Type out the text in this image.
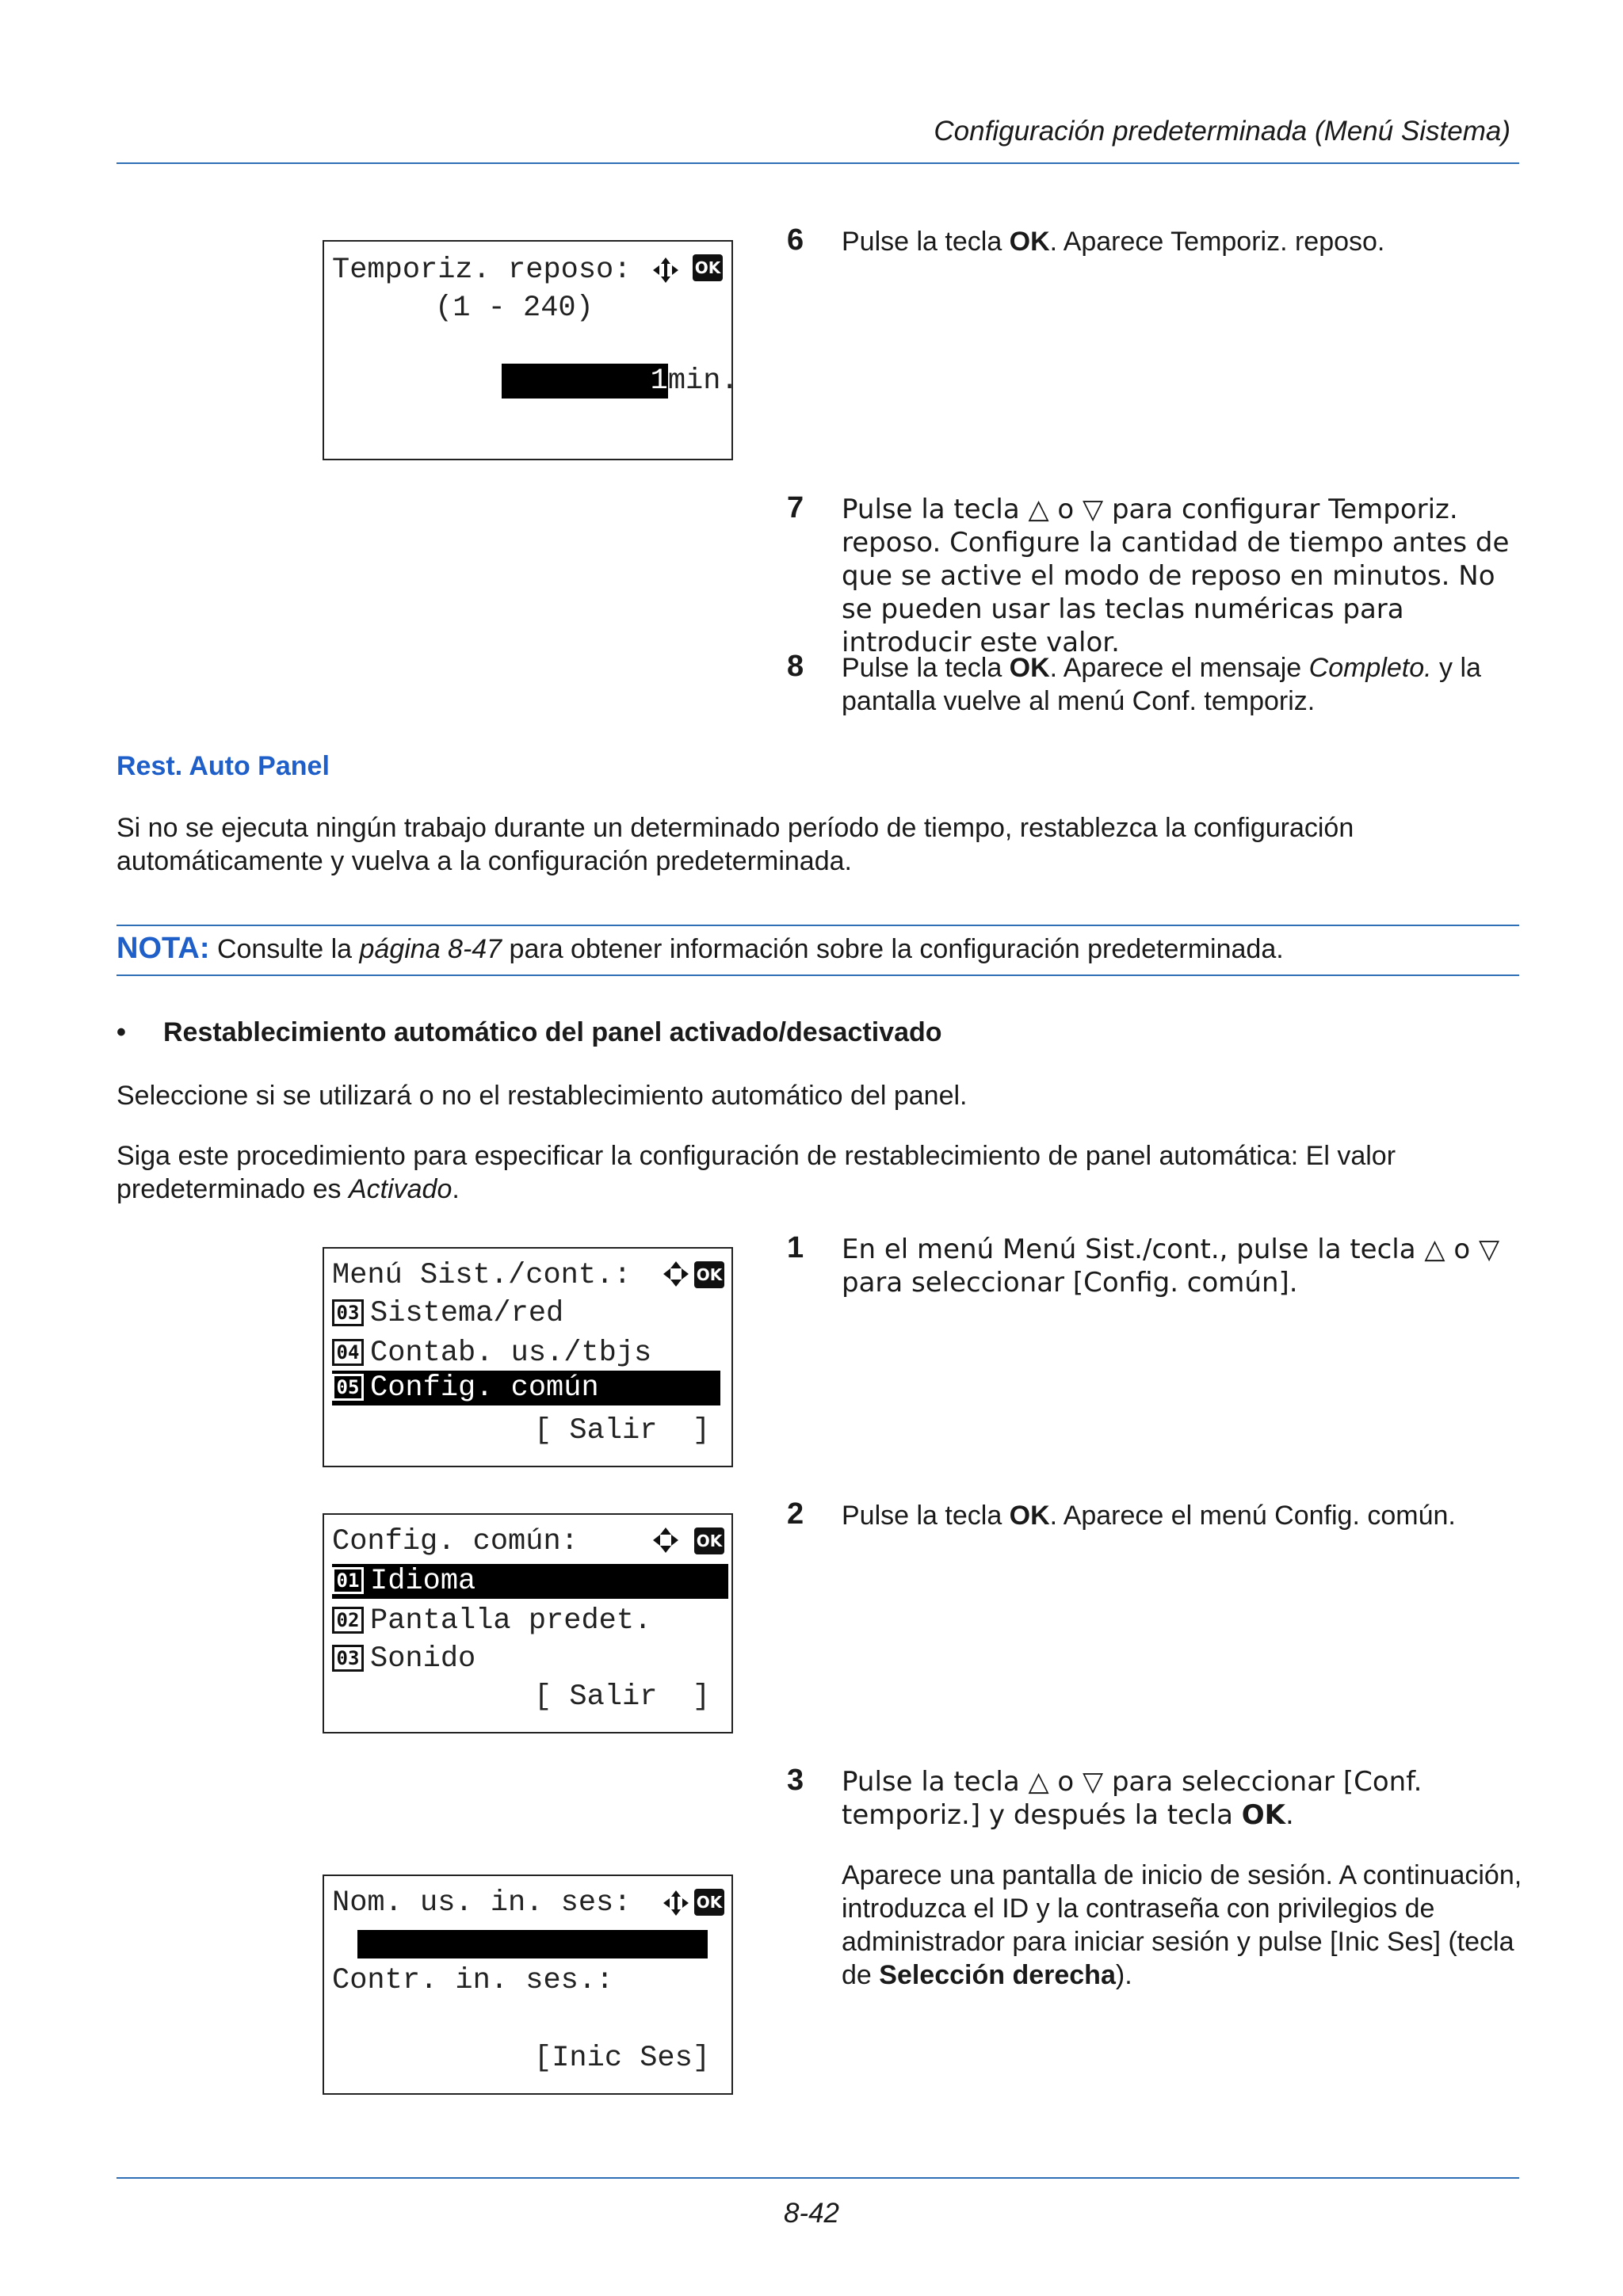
Configuración predeterminada (Menú Sistema)
Temporiz. reposo:	OK
(1 - 240)

1min.

6 Pulse la tecla OK. Aparece Temporiz. reposo.
7 Pulse la tecla △ o ▽ para configurar Temporiz. reposo. Configure la cantidad de tiempo antes de que se active el modo de reposo en minutos. No se pueden usar las teclas numéricas para introducir este valor.
8 Pulse la tecla OK. Aparece el mensaje Completo. y la pantalla vuelve al menú Conf. temporiz.
Rest. Auto Panel
Si no se ejecuta ningún trabajo durante un determinado período de tiempo, restablezca la configuración automáticamente y vuelva a la configuración predeterminada.
NOTA: Consulte la página 8-47 para obtener información sobre la configuración predeterminada.
• Restablecimiento automático del panel activado/desactivado
Seleccione si se utilizará o no el restablecimiento automático del panel.
Siga este procedimiento para especificar la configuración de restablecimiento de panel automática: El valor predeterminado es Activado.
Menú Sist./cont.:	OK
03 Sistema/red
04 Contab. us./tbjs
05 Config. común
[ Salir  ]
Config. común:	OK
01 Idioma
02 Pantalla predet.
03 Sonido
[ Salir  ]
Nom. us. in. ses:	OK
Contr. in. ses.:
[Inic Ses]
1 En el menú Menú Sist./cont., pulse la tecla △ o ▽ para seleccionar [Config. común].
2 Pulse la tecla OK. Aparece el menú Config. común.
3 Pulse la tecla △ o ▽ para seleccionar [Conf. temporiz.] y después la tecla OK.
Aparece una pantalla de inicio de sesión. A continuación, introduzca el ID y la contraseña con privilegios de administrador para iniciar sesión y pulse [Inic Ses] (tecla de Selección derecha).
8-42
